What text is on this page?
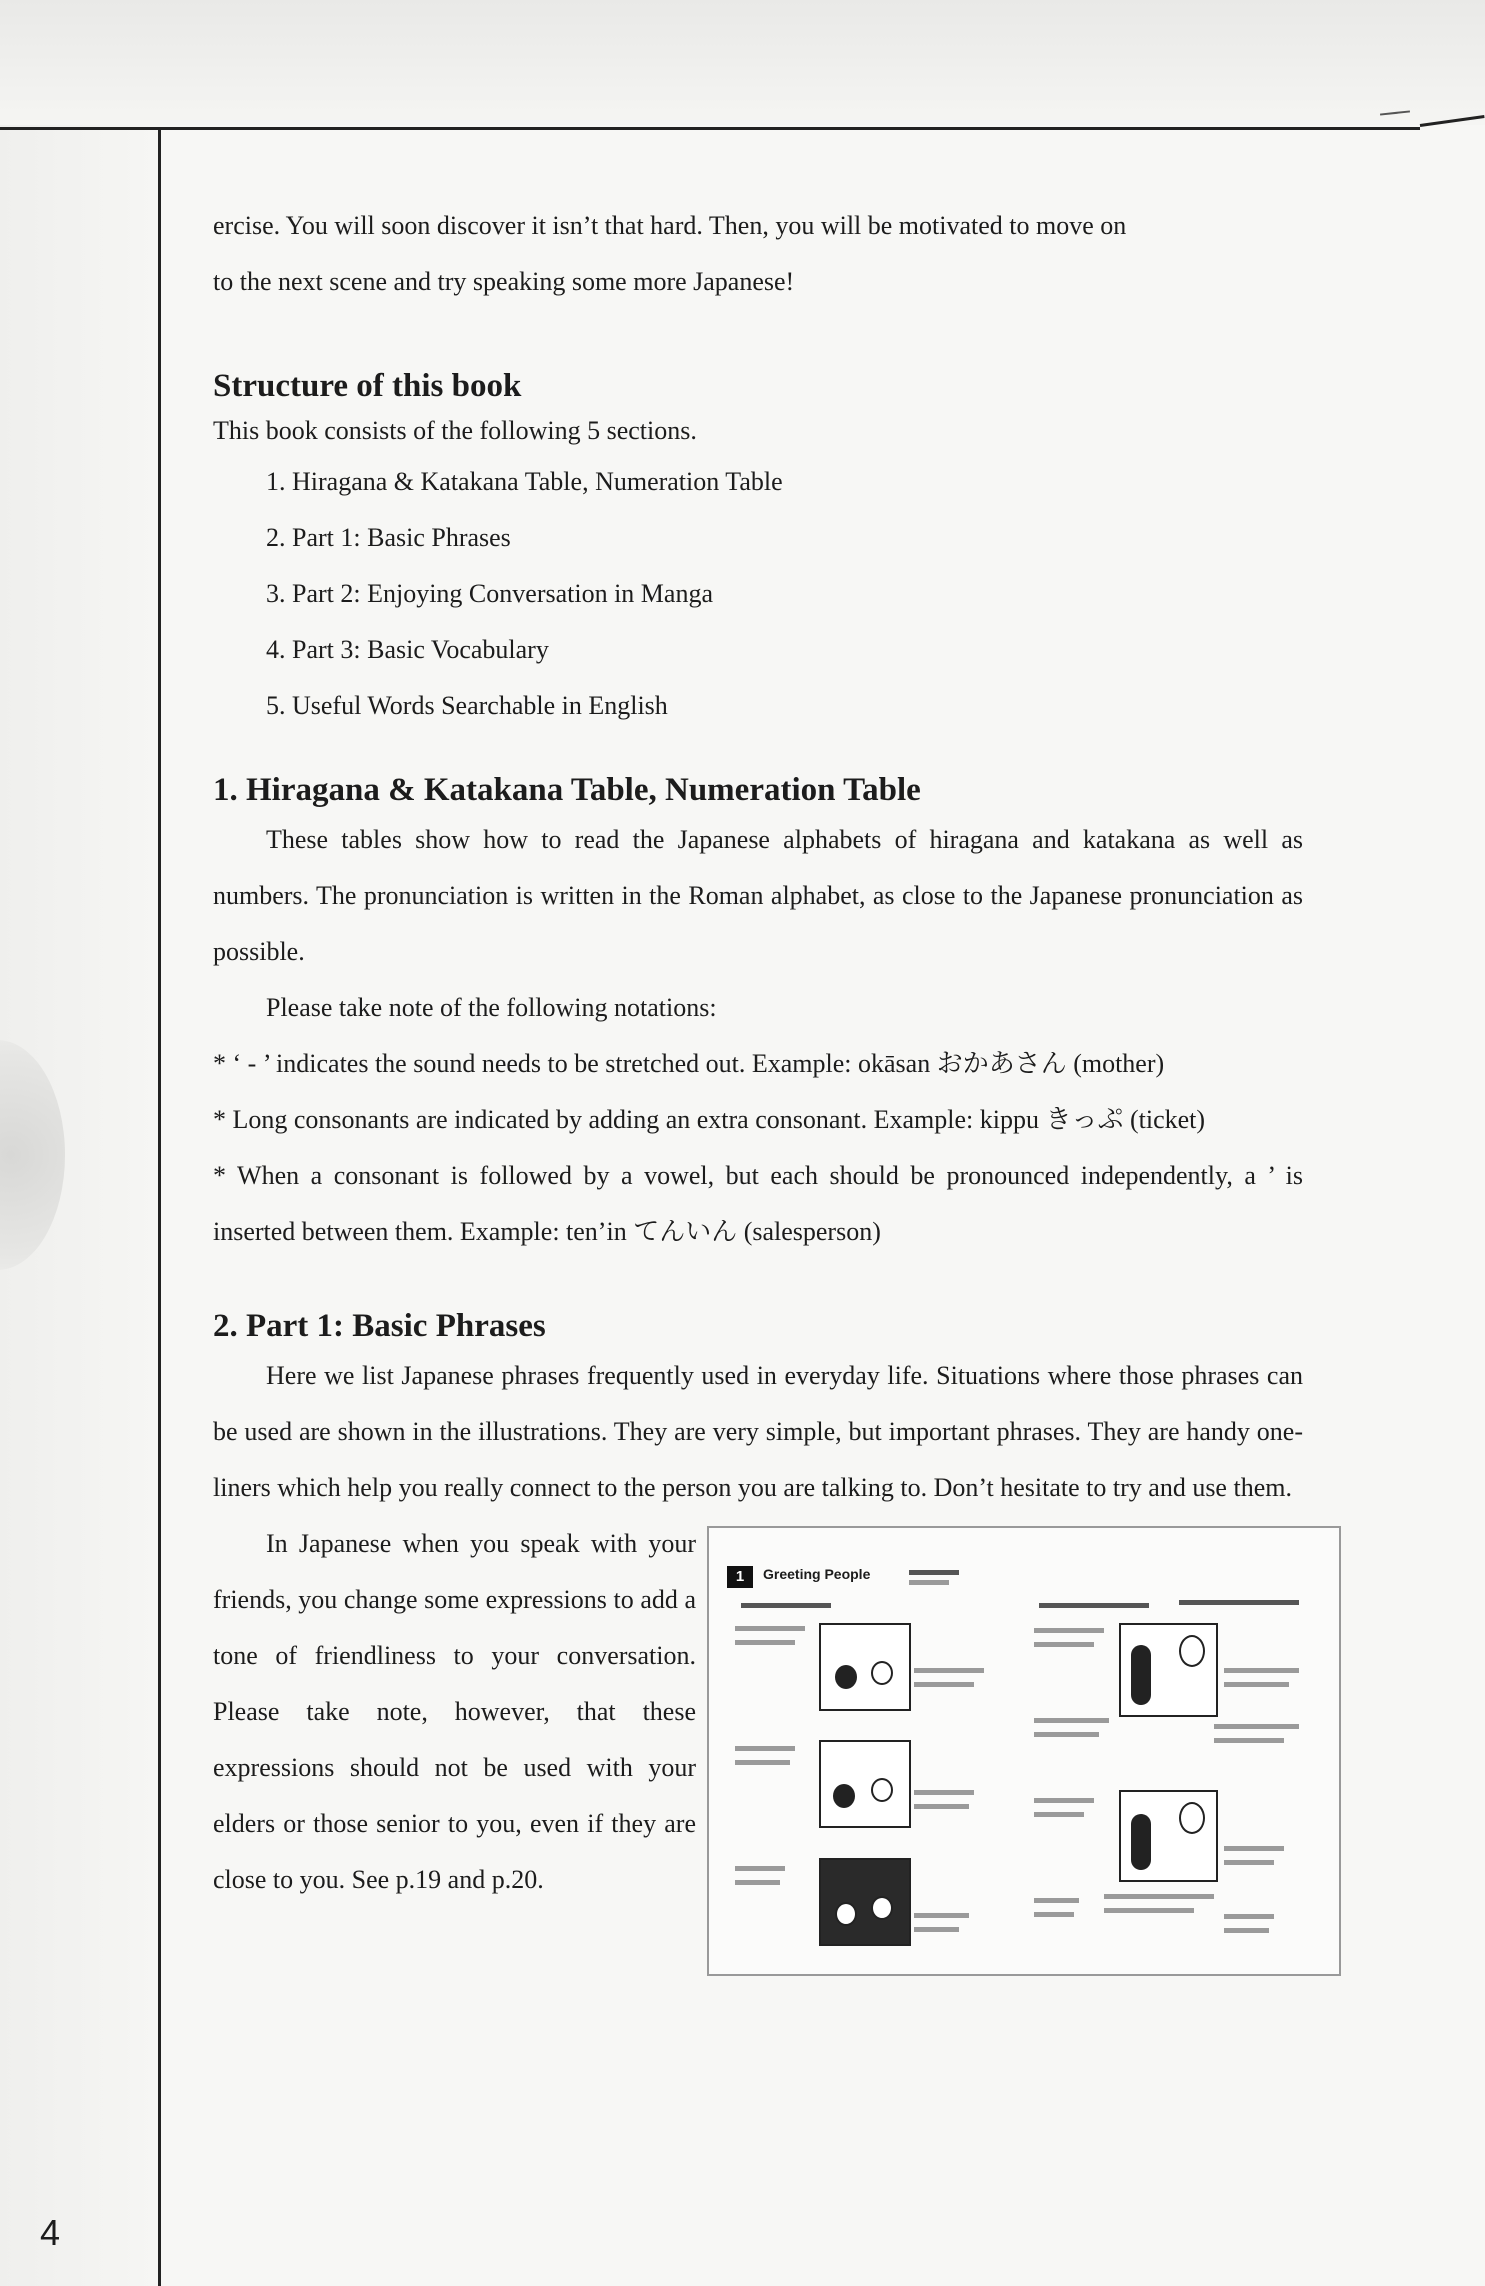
ercise. You will soon discover it isn’t that hard. Then, you will be motivated to move on

to the next scene and try speaking some more Japanese!

Structure of this book

This book consists of the following 5 sections.

1. Hiragana & Katakana Table, Numeration Table
2. Part 1: Basic Phrases
3. Part 2: Enjoying Conversation in Manga
4. Part 3: Basic Vocabulary
5. Useful Words Searchable in English
1. Hiragana & Katakana Table, Numeration Table

These tables show how to read the Japanese alphabets of hiragana and katakana as well as numbers. The pronunciation is written in the Roman alphabet, as close to the Japanese pronunciation as possible.

Please take note of the following notations:

* ‘ - ’ indicates the sound needs to be stretched out. Example: okāsan おかあさん (mother)

* Long consonants are indicated by adding an extra consonant. Example: kippu きっぷ (ticket)

* When a consonant is followed by a vowel, but each should be pronounced independently, a ’ is inserted between them. Example: ten’in てんいん (salesperson)

2. Part 1: Basic Phrases

Here we list Japanese phrases frequently used in everyday life. Situations where those phrases can be used are shown in the illustrations. They are very simple, but important phrases. They are handy one-liners which help you really connect to the person you are talking to. Don’t hesitate to try and use them.

In Japanese when you speak with your friends, you change some expressions to add a tone of friendliness to your conversation. Please take note, however, that these expressions should not be used with your elders or those senior to you, even if they are close to you. See p.19 and p.20.

1	Greeting People
4
